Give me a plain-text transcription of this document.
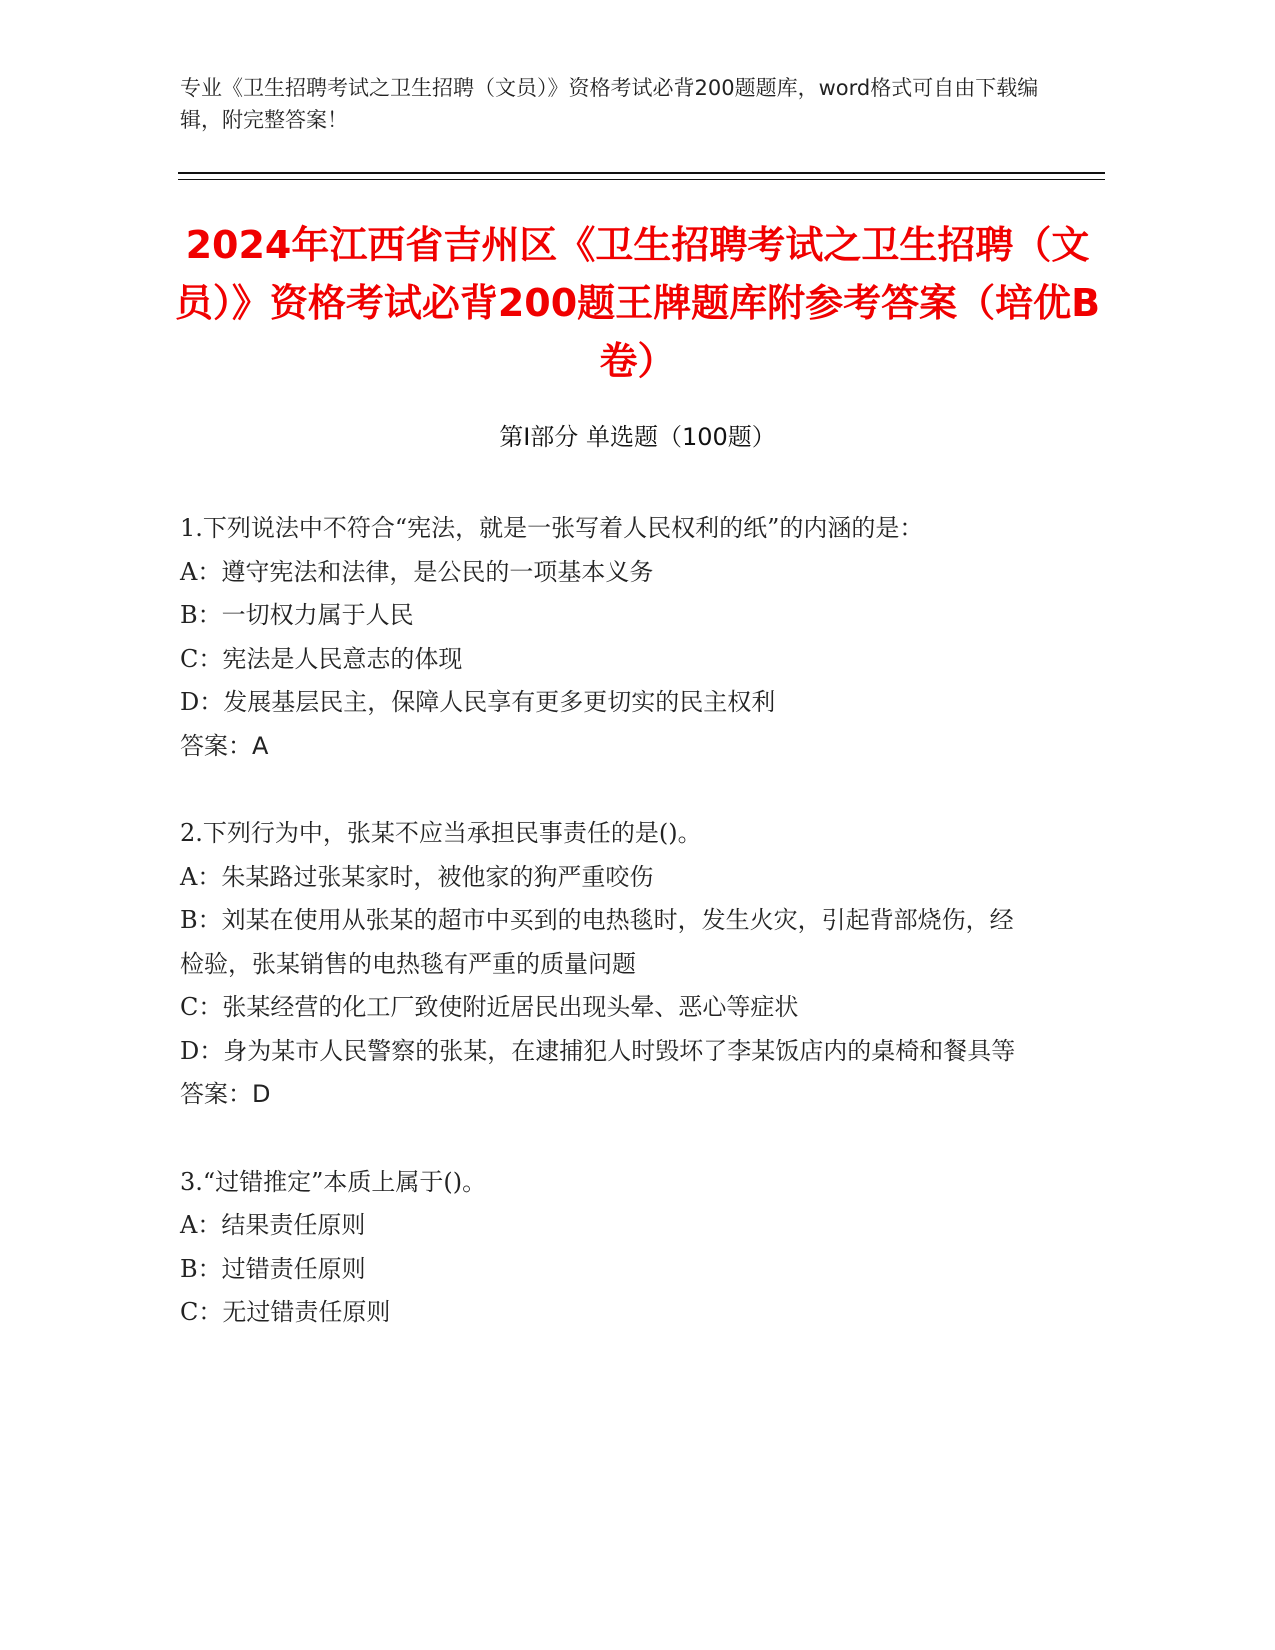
专业《卫生招聘考试之卫生招聘（文员）》资格考试必背200题题库，word格式可自由下载编辑，附完整答案！
2024年江西省吉州区《卫生招聘考试之卫生招聘（文员）》资格考试必背200题王牌题库附参考答案（培优B卷）
第Ⅰ部分 单选题（100题）
1.下列说法中不符合“宪法，就是一张写着人民权利的纸”的内涵的是：
A：遵守宪法和法律，是公民的一项基本义务
B：一切权力属于人民
C：宪法是人民意志的体现
D：发展基层民主，保障人民享有更多更切实的民主权利
答案：A
2.下列行为中，张某不应当承担民事责任的是()。
A：朱某路过张某家时，被他家的狗严重咬伤
B：刘某在使用从张某的超市中买到的电热毯时，发生火灾，引起背部烧伤，经检验，张某销售的电热毯有严重的质量问题
C：张某经营的化工厂致使附近居民出现头晕、恶心等症状
D：身为某市人民警察的张某，在逮捕犯人时毁坏了李某饭店内的桌椅和餐具等
答案：D
3.“过错推定”本质上属于()。
A：结果责任原则
B：过错责任原则
C：无过错责任原则
